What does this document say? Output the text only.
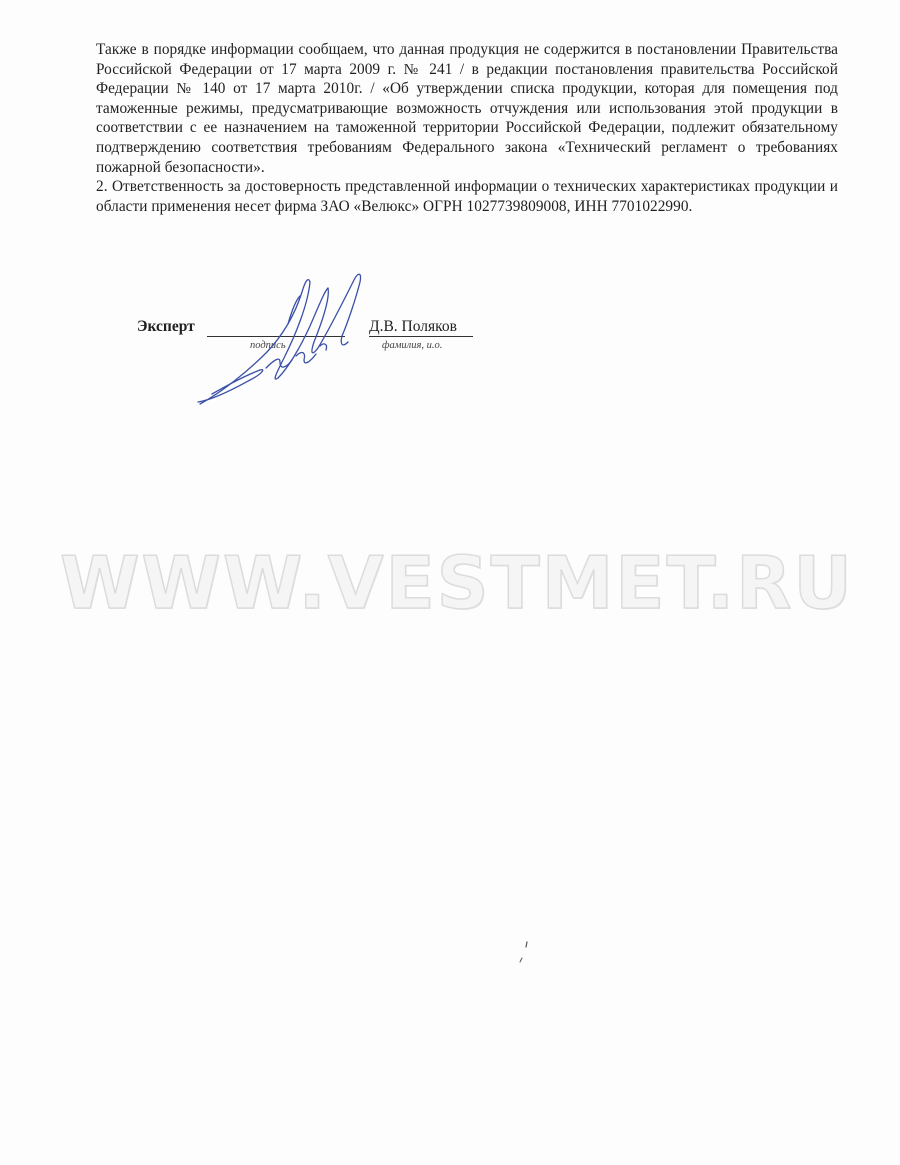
Также в порядке информации сообщаем, что данная продукция не содержится в постановлении Правительства Российской Федерации от 17 марта 2009 г. № 241 / в редакции постановления правительства Российской Федерации № 140 от 17 марта 2010г. / «Об утверждении списка продукции, которая для помещения под таможенные режимы, предусматривающие возможность отчуждения или использования этой продукции в соответствии с ее назначением на таможенной территории Российской Федерации, подлежит обязательному подтверждению соответствия требованиям Федерального закона «Технический регламент о требованиях пожарной безопасности».

2. Ответственность за достоверность представленной информации о технических характеристиках продукции и области применения несет фирма ЗАО «Велюкс» ОГРН 1027739809008, ИНН 7701022990.

Эксперт
подпись
Д.В. Поляков
фамилия, и.о.
WWW.VESTMET.RU
